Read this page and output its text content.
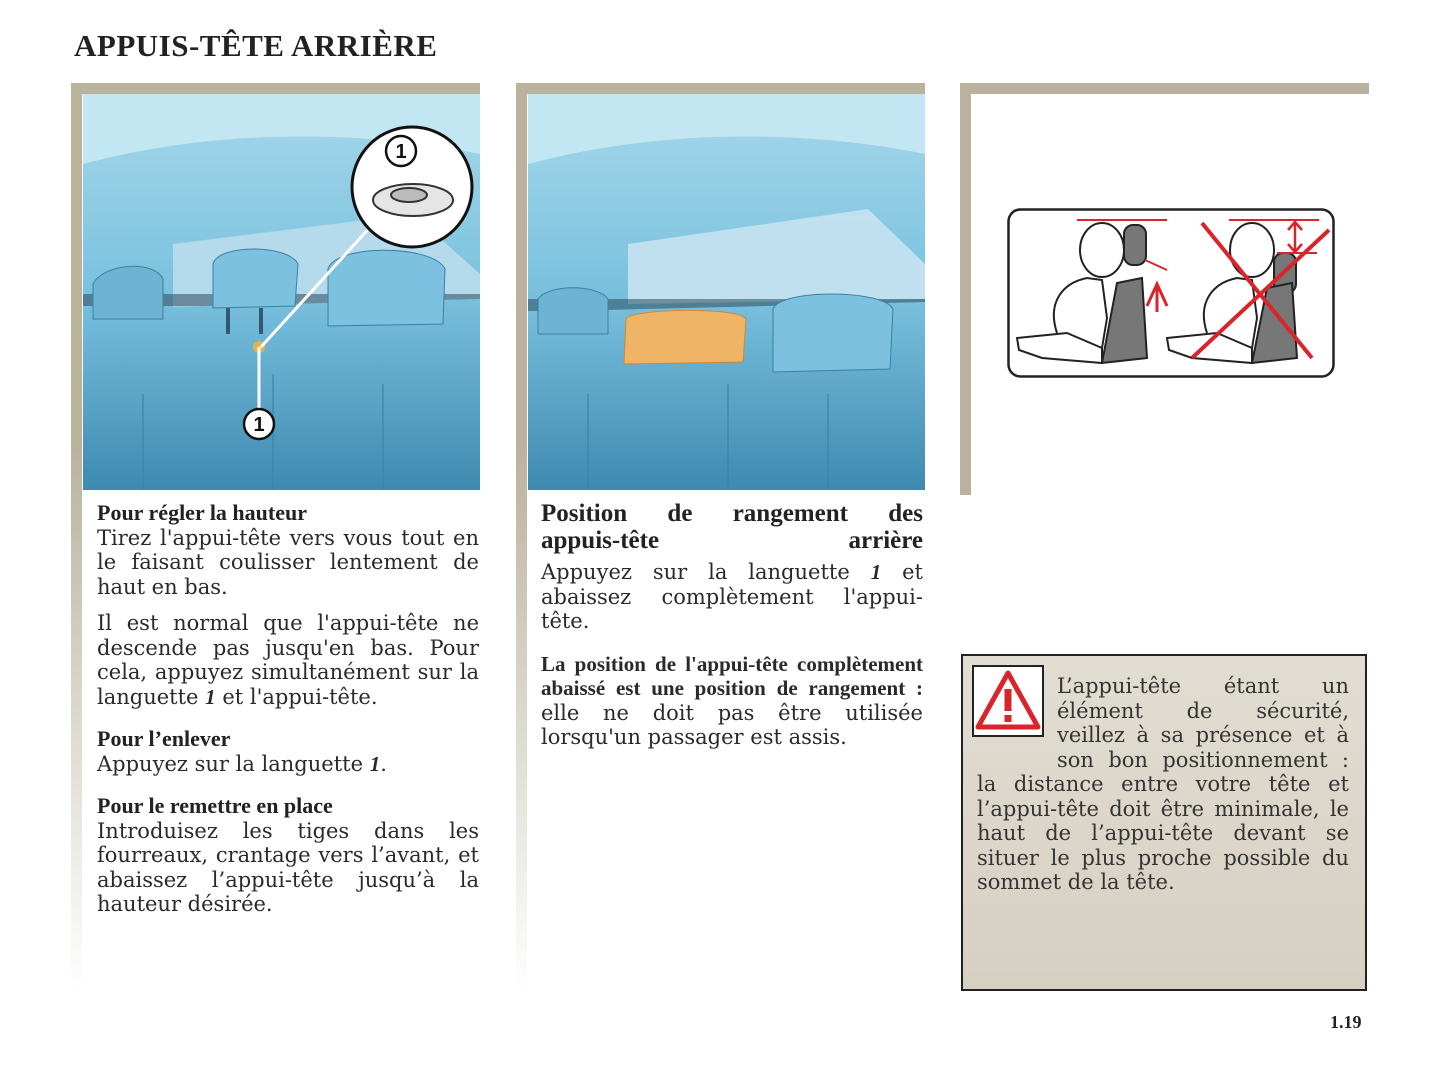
APPUIS-TÊTE ARRIÈRE
1
1
Pour régler la hauteur

Tirez l'appui-tête vers vous tout en le faisant coulisser lentement de haut en bas.

Il est normal que l'appui-tête ne descende pas jusqu'en bas. Pour cela, appuyez simultanément sur la languette 1 et l'appui-tête.

Pour l’enlever

Appuyez sur la languette 1.

Pour le remettre en place

Introduisez les tiges dans les fourreaux, crantage vers l’avant, et abaissez l’appui-tête jusqu’à la hauteur désirée.

Position de rangement des
appuis-tête arrière

Appuyez sur la languette 1 et abaissez complètement l'appui-tête.

La position de l'appui-tête complètement abaissé est une position de rangement : elle ne doit pas être utilisée lorsqu'un passager est assis.

L’appui-tête étant un élément de sécurité, veillez à sa présence et à son bon positionnement : la distance entre votre tête et l’appui-tête doit être minimale, le haut de l’appui-tête devant se situer le plus proche possible du sommet de la tête.

1.19
